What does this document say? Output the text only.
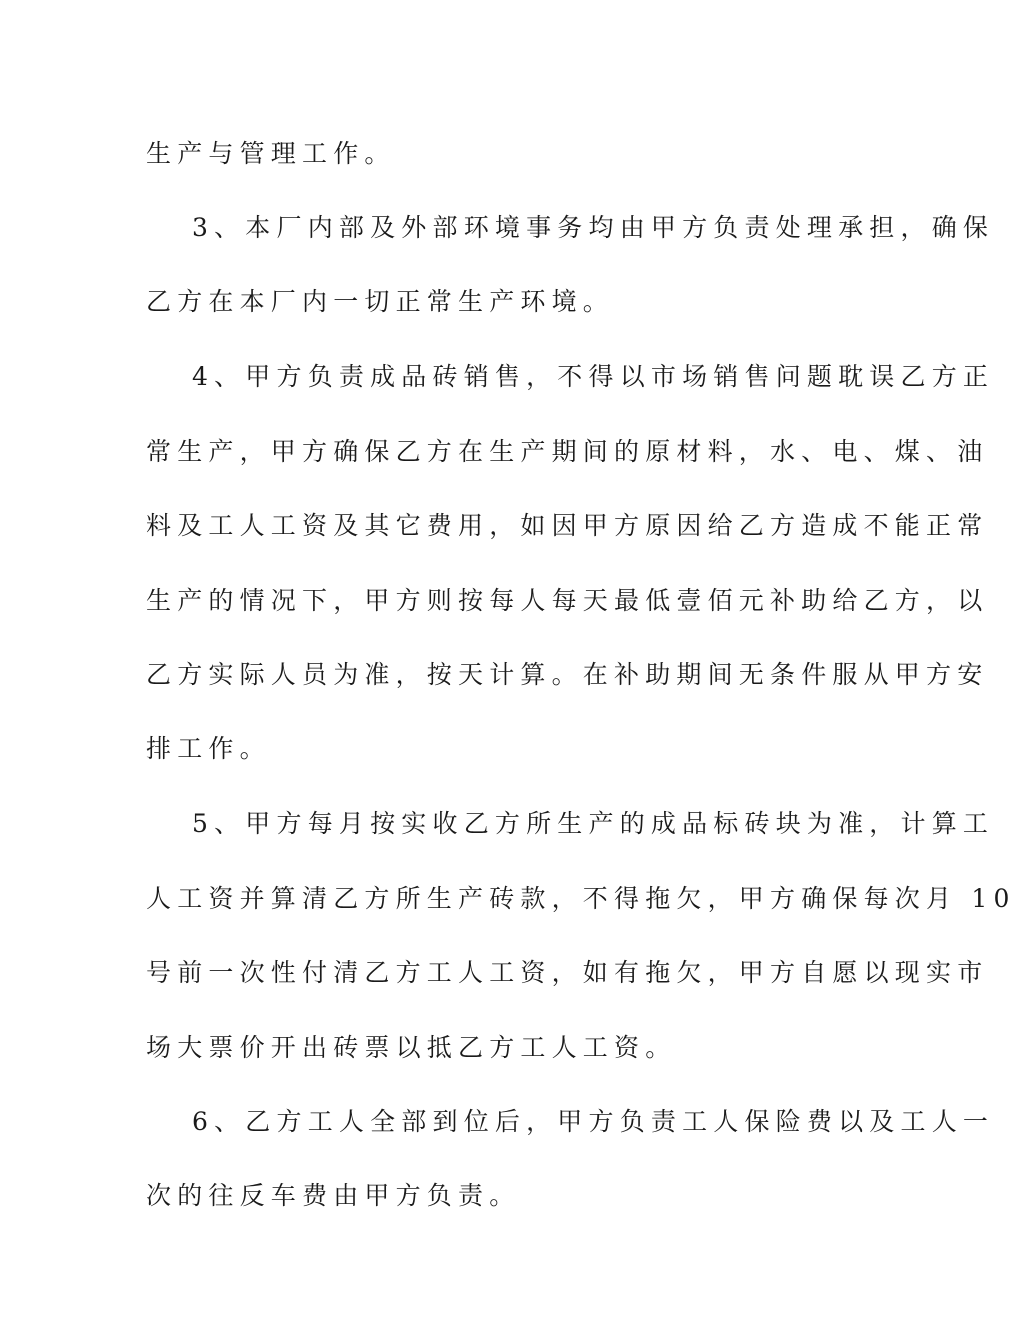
生产与管理工作。
3、本厂内部及外部环境事务均由甲方负责处理承担，确保
乙方在本厂内一切正常生产环境。
4、甲方负责成品砖销售，不得以市场销售问题耽误乙方正
常生产，甲方确保乙方在生产期间的原材料，水、电、煤、油
料及工人工资及其它费用，如因甲方原因给乙方造成不能正常
生产的情况下，甲方则按每人每天最低壹佰元补助给乙方，以
乙方实际人员为准，按天计算。在补助期间无条件服从甲方安
排工作。
5、甲方每月按实收乙方所生产的成品标砖块为准，计算工
人工资并算清乙方所生产砖款，不得拖欠，甲方确保每次月 10
号前一次性付清乙方工人工资，如有拖欠，甲方自愿以现实市
场大票价开出砖票以抵乙方工人工资。
6、乙方工人全部到位后，甲方负责工人保险费以及工人一
次的往反车费由甲方负责。
